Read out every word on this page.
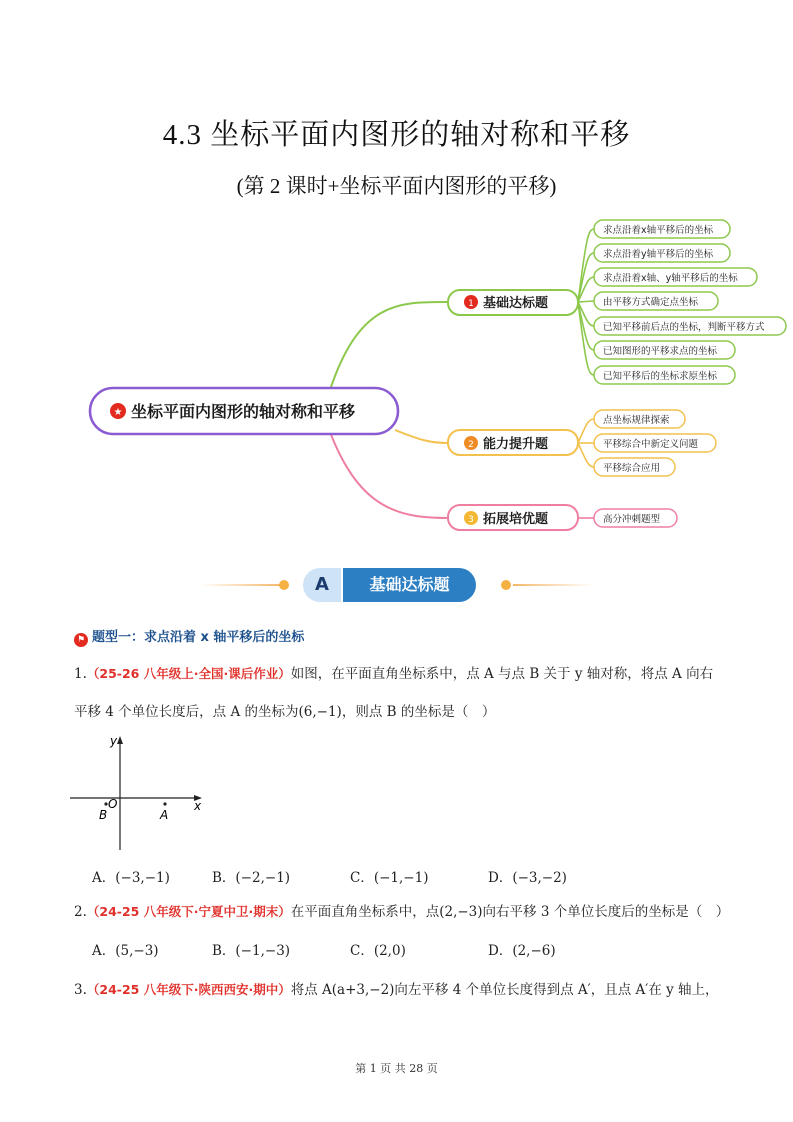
4.3 坐标平面内图形的轴对称和平移
(第 2 课时+坐标平面内图形的平移)
★ 坐标平面内图形的轴对称和平移
1 基础达标题
求点沿着x轴平移后的坐标
求点沿着y轴平移后的坐标
求点沿着x轴、y轴平移后的坐标
由平移方式确定点坐标
已知平移前后点的坐标，判断平移方式
已知图形的平移求点的坐标
已知平移后的坐标求原坐标
2 能力提升题
点坐标规律探索
平移综合中新定义问题
平移综合应用
3 拓展培优题	高分冲刺题型
A	基础达标题
⚑ 题型一：求点沿着 x 轴平移后的坐标
1.（25-26 八年级上·全国·课后作业）如图，在平面直角坐标系中，点 A 与点 B 关于 y 轴对称，将点 A 向右
平移 4 个单位长度后，点 A 的坐标为(6,−1)，则点 B 的坐标是（　）
y
x
O
B	A
A．(−3,−1)	B．(−2,−1)	C．(−1,−1)	D．(−3,−2)
2.（24-25 八年级下·宁夏中卫·期末）在平面直角坐标系中，点(2,−3)向右平移 3 个单位长度后的坐标是（　）
A．(5,−3)	B．(−1,−3)	C．(2,0)	D．(2,−6)
3.（24-25 八年级下·陕西西安·期中）将点 A(a+3,−2)向左平移 4 个单位长度得到点 A′，且点 A′在 y 轴上，
第 1 页 共 28 页
